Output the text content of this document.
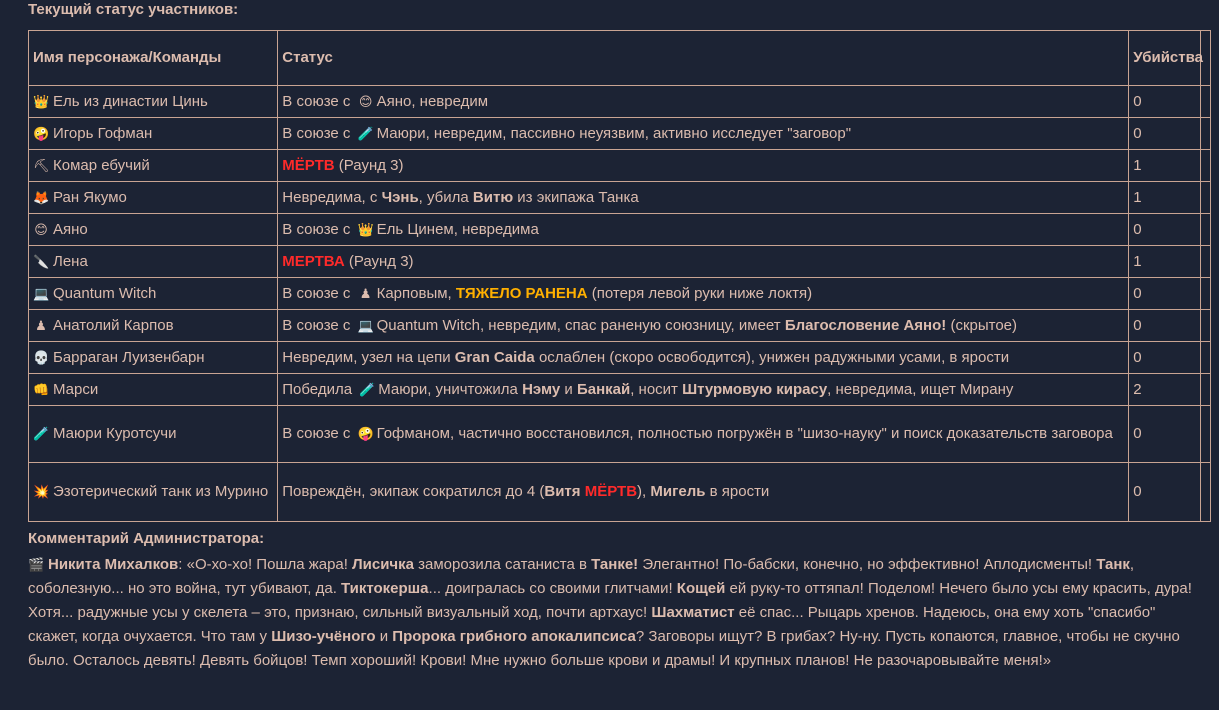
Текущий статус участников:
Имя персонажа/Команды	Статус	Убийства	
👑 Ель из династии Цинь	В союзе с 😊 Аяно, невредим	0	
🤪 Игорь Гофман	В союзе с 🧪 Маюри, невредим, пассивно неуязвим, активно исследует "заговор"	0	
⛏ Комар ебучий	МЁРТВ (Раунд 3)	1	
🦊 Ран Якумо	Невредима, с Чэнь, убила Витю из экипажа Танка	1	
😊 Аяно	В союзе с 👑 Ель Цинем, невредима	0	
🔪 Лена	МЕРТВА (Раунд 3)	1	
💻 Quantum Witch	В союзе с ♟ Карповым, ТЯЖЕЛО РАНЕНА (потеря левой руки ниже локтя)	0	
♟ Анатолий Карпов	В союзе с 💻 Quantum Witch, невредим, спас раненую союзницу, имеет Благословение Аяно! (скрытое)	0	
💀 Барраган Луизенбарн	Невредим, узел на цепи Gran Caida ослаблен (скоро освободится), унижен радужными усами, в ярости	0	
👊 Марси	Победила 🧪 Маюри, уничтожила Нэму и Банкай, носит Штурмовую кирасу, невредима, ищет Мирану	2	
🧪 Маюри Куротсучи	В союзе с 🤪 Гофманом, частично восстановился, полностью погружён в "шизо-науку" и поиск доказательств заговора	0	
💥 Эзотерический танк из Мурино	Повреждён, экипаж сократился до 4 (Витя МЁРТВ), Мигель в ярости	0	
Комментарий Администратора:
🎬 Никита Михалков: «О-хо-хо! Пошла жара! Лисичка заморозила сатаниста в Танке! Элегантно! По-бабски, конечно, но эффективно! Аплодисменты! Танк, соболезную... но это война, тут убивают, да. Тиктокерша... доигралась со своими глитчами! Кощей ей руку-то оттяпал! Поделом! Нечего было усы ему красить, дура! Хотя... радужные усы у скелета – это, признаю, сильный визуальный ход, почти артхаус! Шахматист её спас... Рыцарь хренов. Надеюсь, она ему хоть "спасибо" скажет, когда очухается. Что там у Шизо-учёного и Пророка грибного апокалипсиса? Заговоры ищут? В грибах? Ну-ну. Пусть копаются, главное, чтобы не скучно было. Осталось девять! Девять бойцов! Темп хороший! Крови! Мне нужно больше крови и драмы! И крупных планов! Не разочаровывайте меня!»
